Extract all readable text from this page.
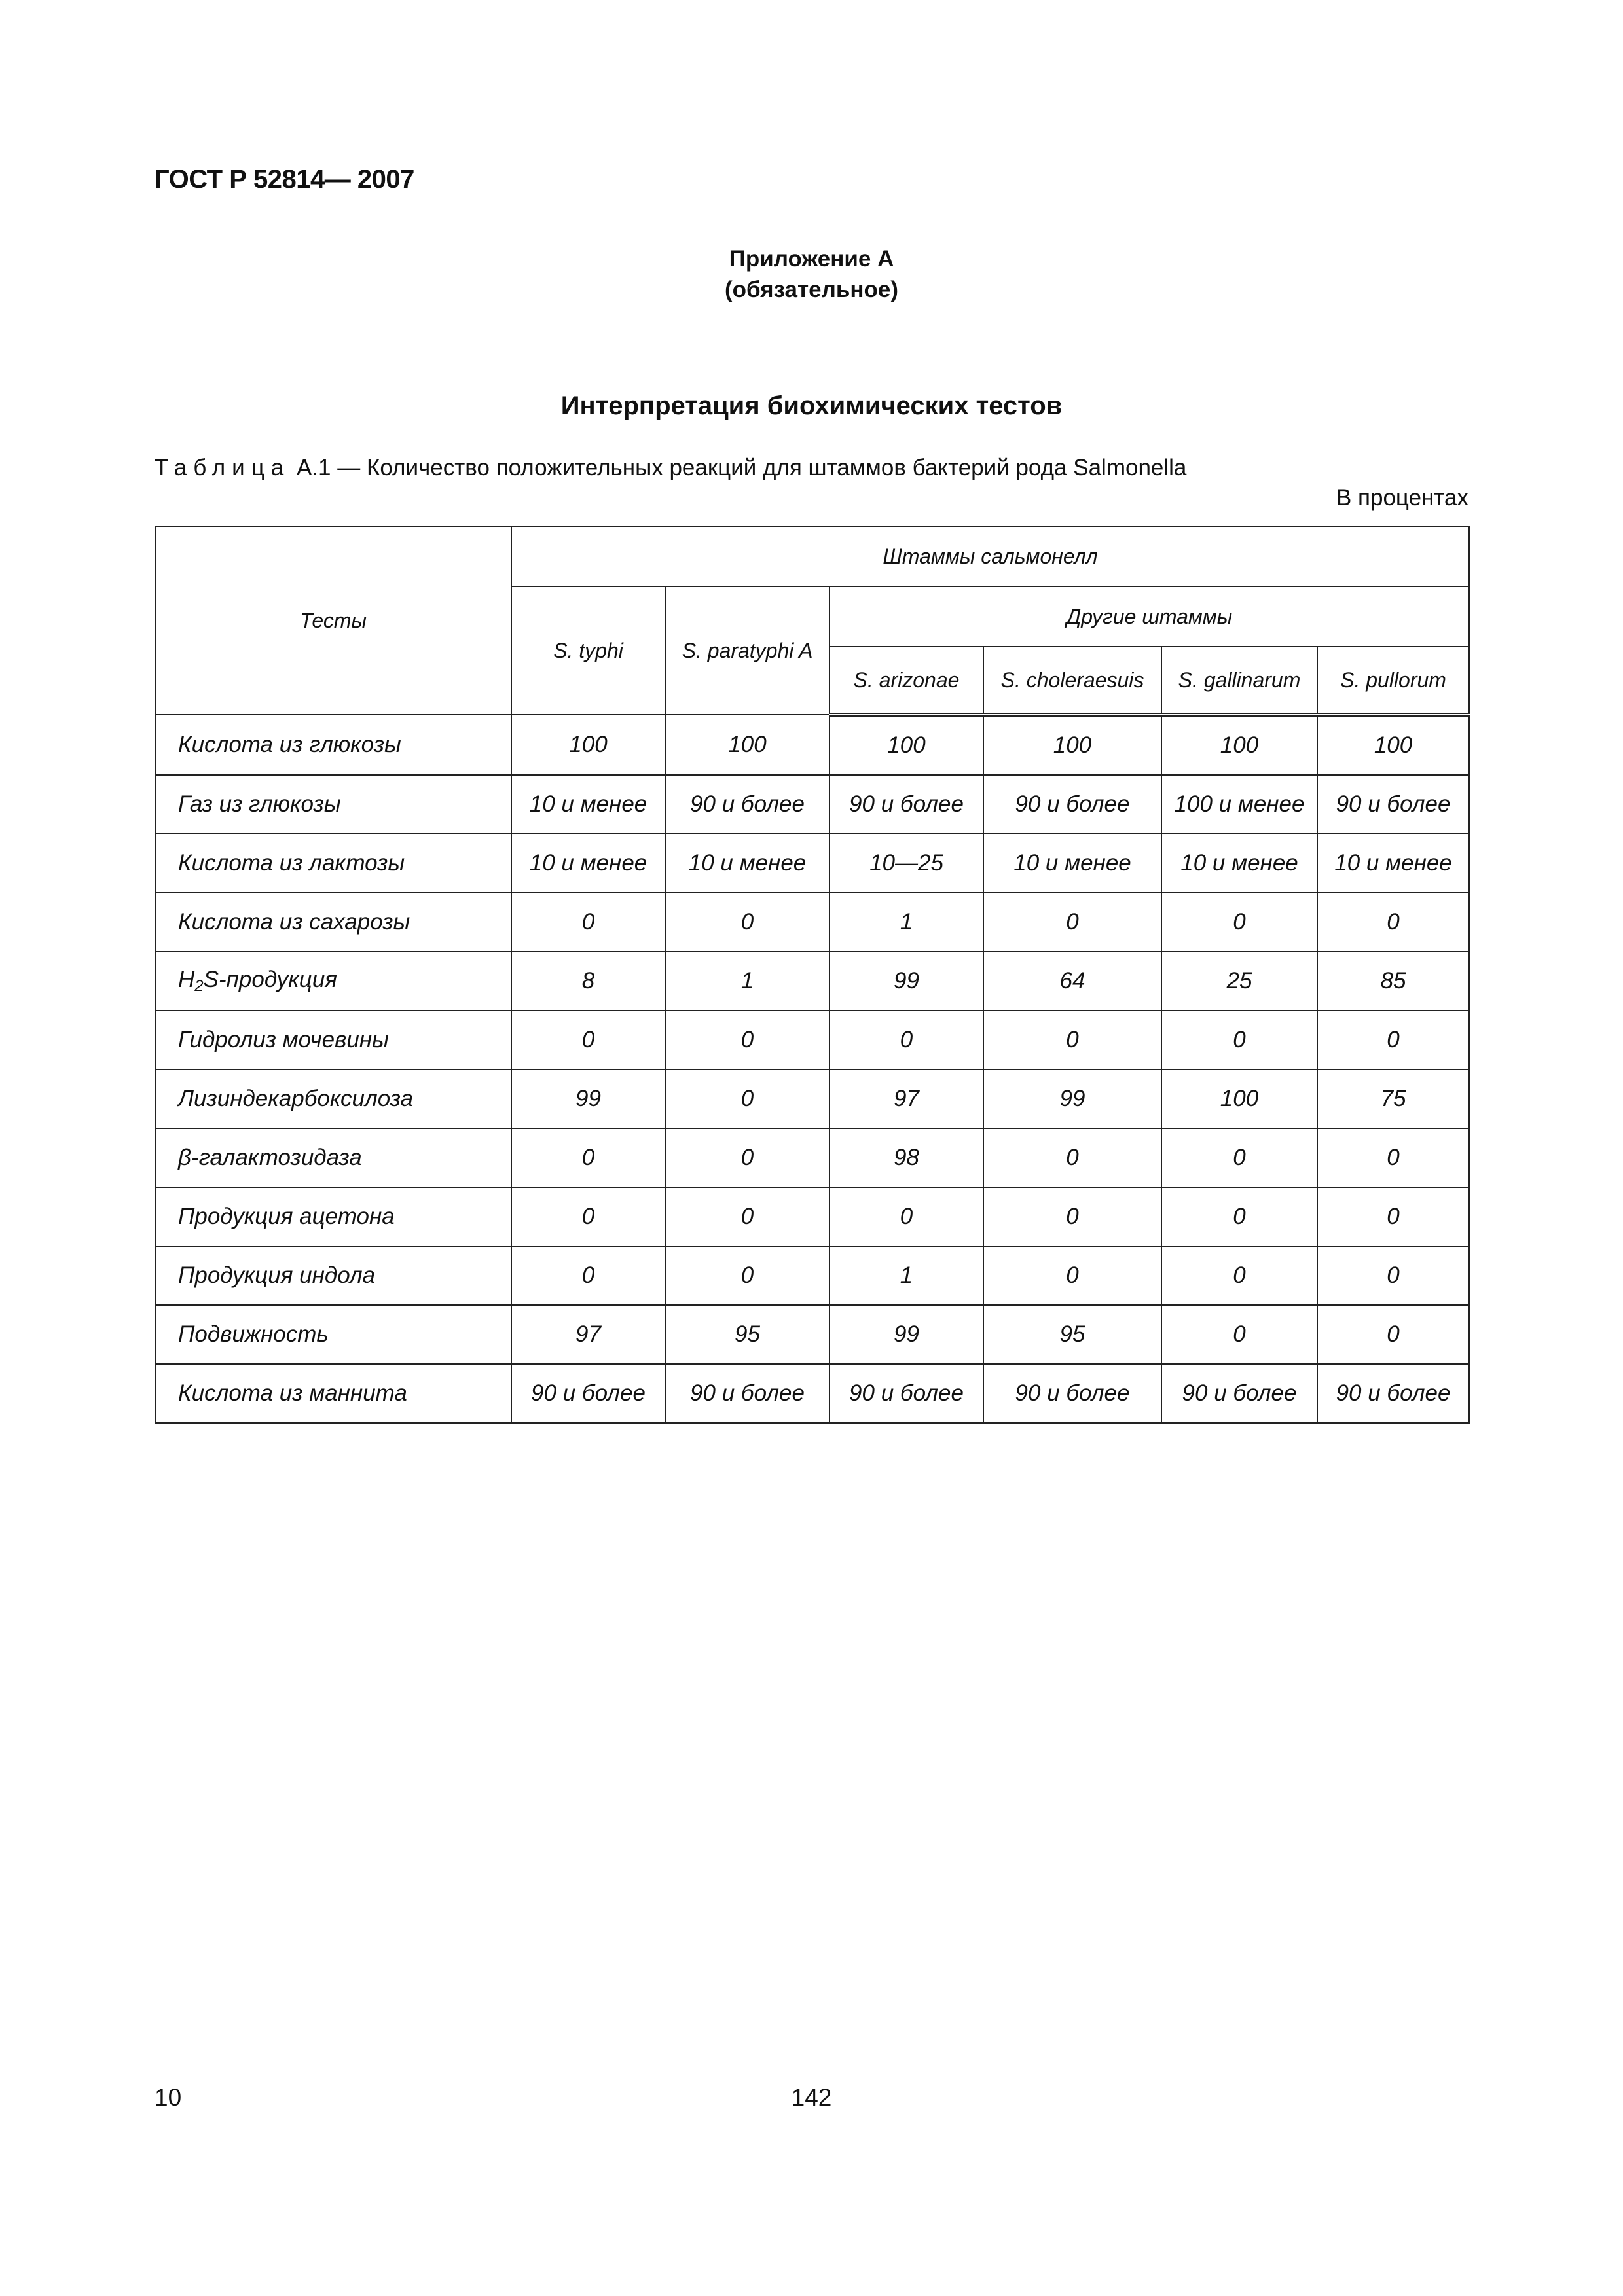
ГОСТ Р 52814— 2007
Приложение А
(обязательное)
Интерпретация биохимических тестов
Таблица А.1 — Количество положительных реакций для штаммов бактерий рода Salmonella
В процентах
Тесты	Штаммы сальмонелл					
	S. typhi	S. paratyphi A	Другие штаммы			
			S. arizonae	S. choleraesuis	S. gallinarum	S. pullorum
Кислота из глюкозы	100	100	100	100	100	100
Газ из глюкозы	10 и менее	90 и более	90 и более	90 и более	100 и менее	90 и более
Кислота из лактозы	10 и менее	10 и менее	10—25	10 и менее	10 и менее	10 и менее
Кислота из сахарозы	0	0	1	0	0	0
$H_2S$-продукция	8	1	99	64	25	85
Гидролиз мочевины	0	0	0	0	0	0
Лизиндекарбоксилоза	99	0	97	99	100	75
β-галактозидаза	0	0	98	0	0	0
Продукция ацетона	0	0	0	0	0	0
Продукция индола	0	0	1	0	0	0
Подвижность	97	95	99	95	0	0
Кислота из маннита	90 и более	90 и более	90 и более	90 и более	90 и более	90 и более
10	142
